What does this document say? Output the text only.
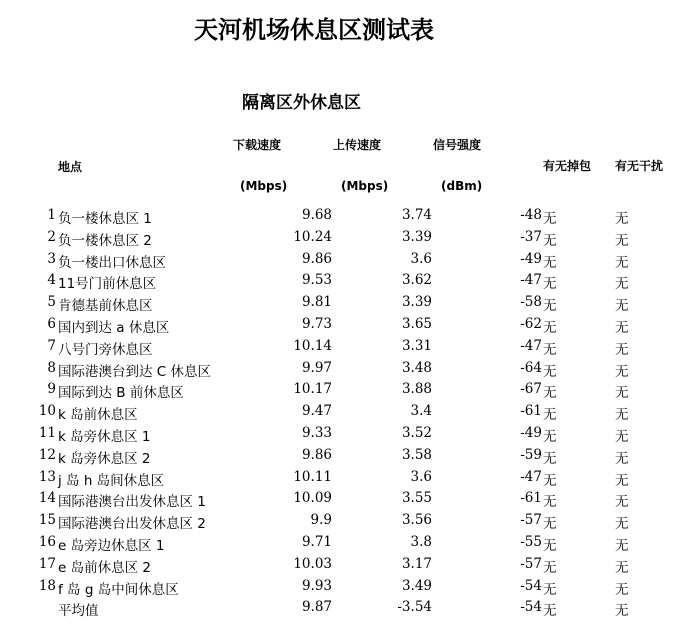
天河机场休息区测试表
隔离区外休息区
地点
下载速度
(Mbps)
上传速度
(Mbps)
信号强度
(dBm)
有无掉包 有无干扰
1 负一楼休息区 1	9.68	3.74	-48 无	无
2 负一楼休息区 2	10.24	3.39	-37 无	无
3 负一楼出口休息区	9.86	3.6	-49 无	无
4 11号门前休息区	9.53	3.62	-47 无	无
5 肯德基前休息区	9.81	3.39	-58 无	无
6 国内到达 a 休息区	9.73	3.65	-62 无	无
7 八号门旁休息区	10.14	3.31	-47 无	无
8 国际港澳台到达 C 休息区	9.97	3.48	-64 无	无
9 国际到达 B 前休息区	10.17	3.88	-67 无	无
10 k 岛前休息区	9.47	3.4	-61 无	无
11 k 岛旁休息区 1	9.33	3.52	-49 无	无
12 k 岛旁休息区 2	9.86	3.58	-59 无	无
13 j 岛 h 岛间休息区	10.11	3.6	-47 无	无
14 国际港澳台出发休息区 1	10.09	3.55	-61 无	无
15 国际港澳台出发休息区 2	9.9	3.56	-57 无	无
16 e 岛旁边休息区 1	9.71	3.8	-55 无	无
17 e 岛前休息区 2	10.03	3.17	-57 无	无
18 f 岛 g 岛中间休息区	9.93	3.49	-54 无	无
平均值	9.87	-3.54	-54 无	无
